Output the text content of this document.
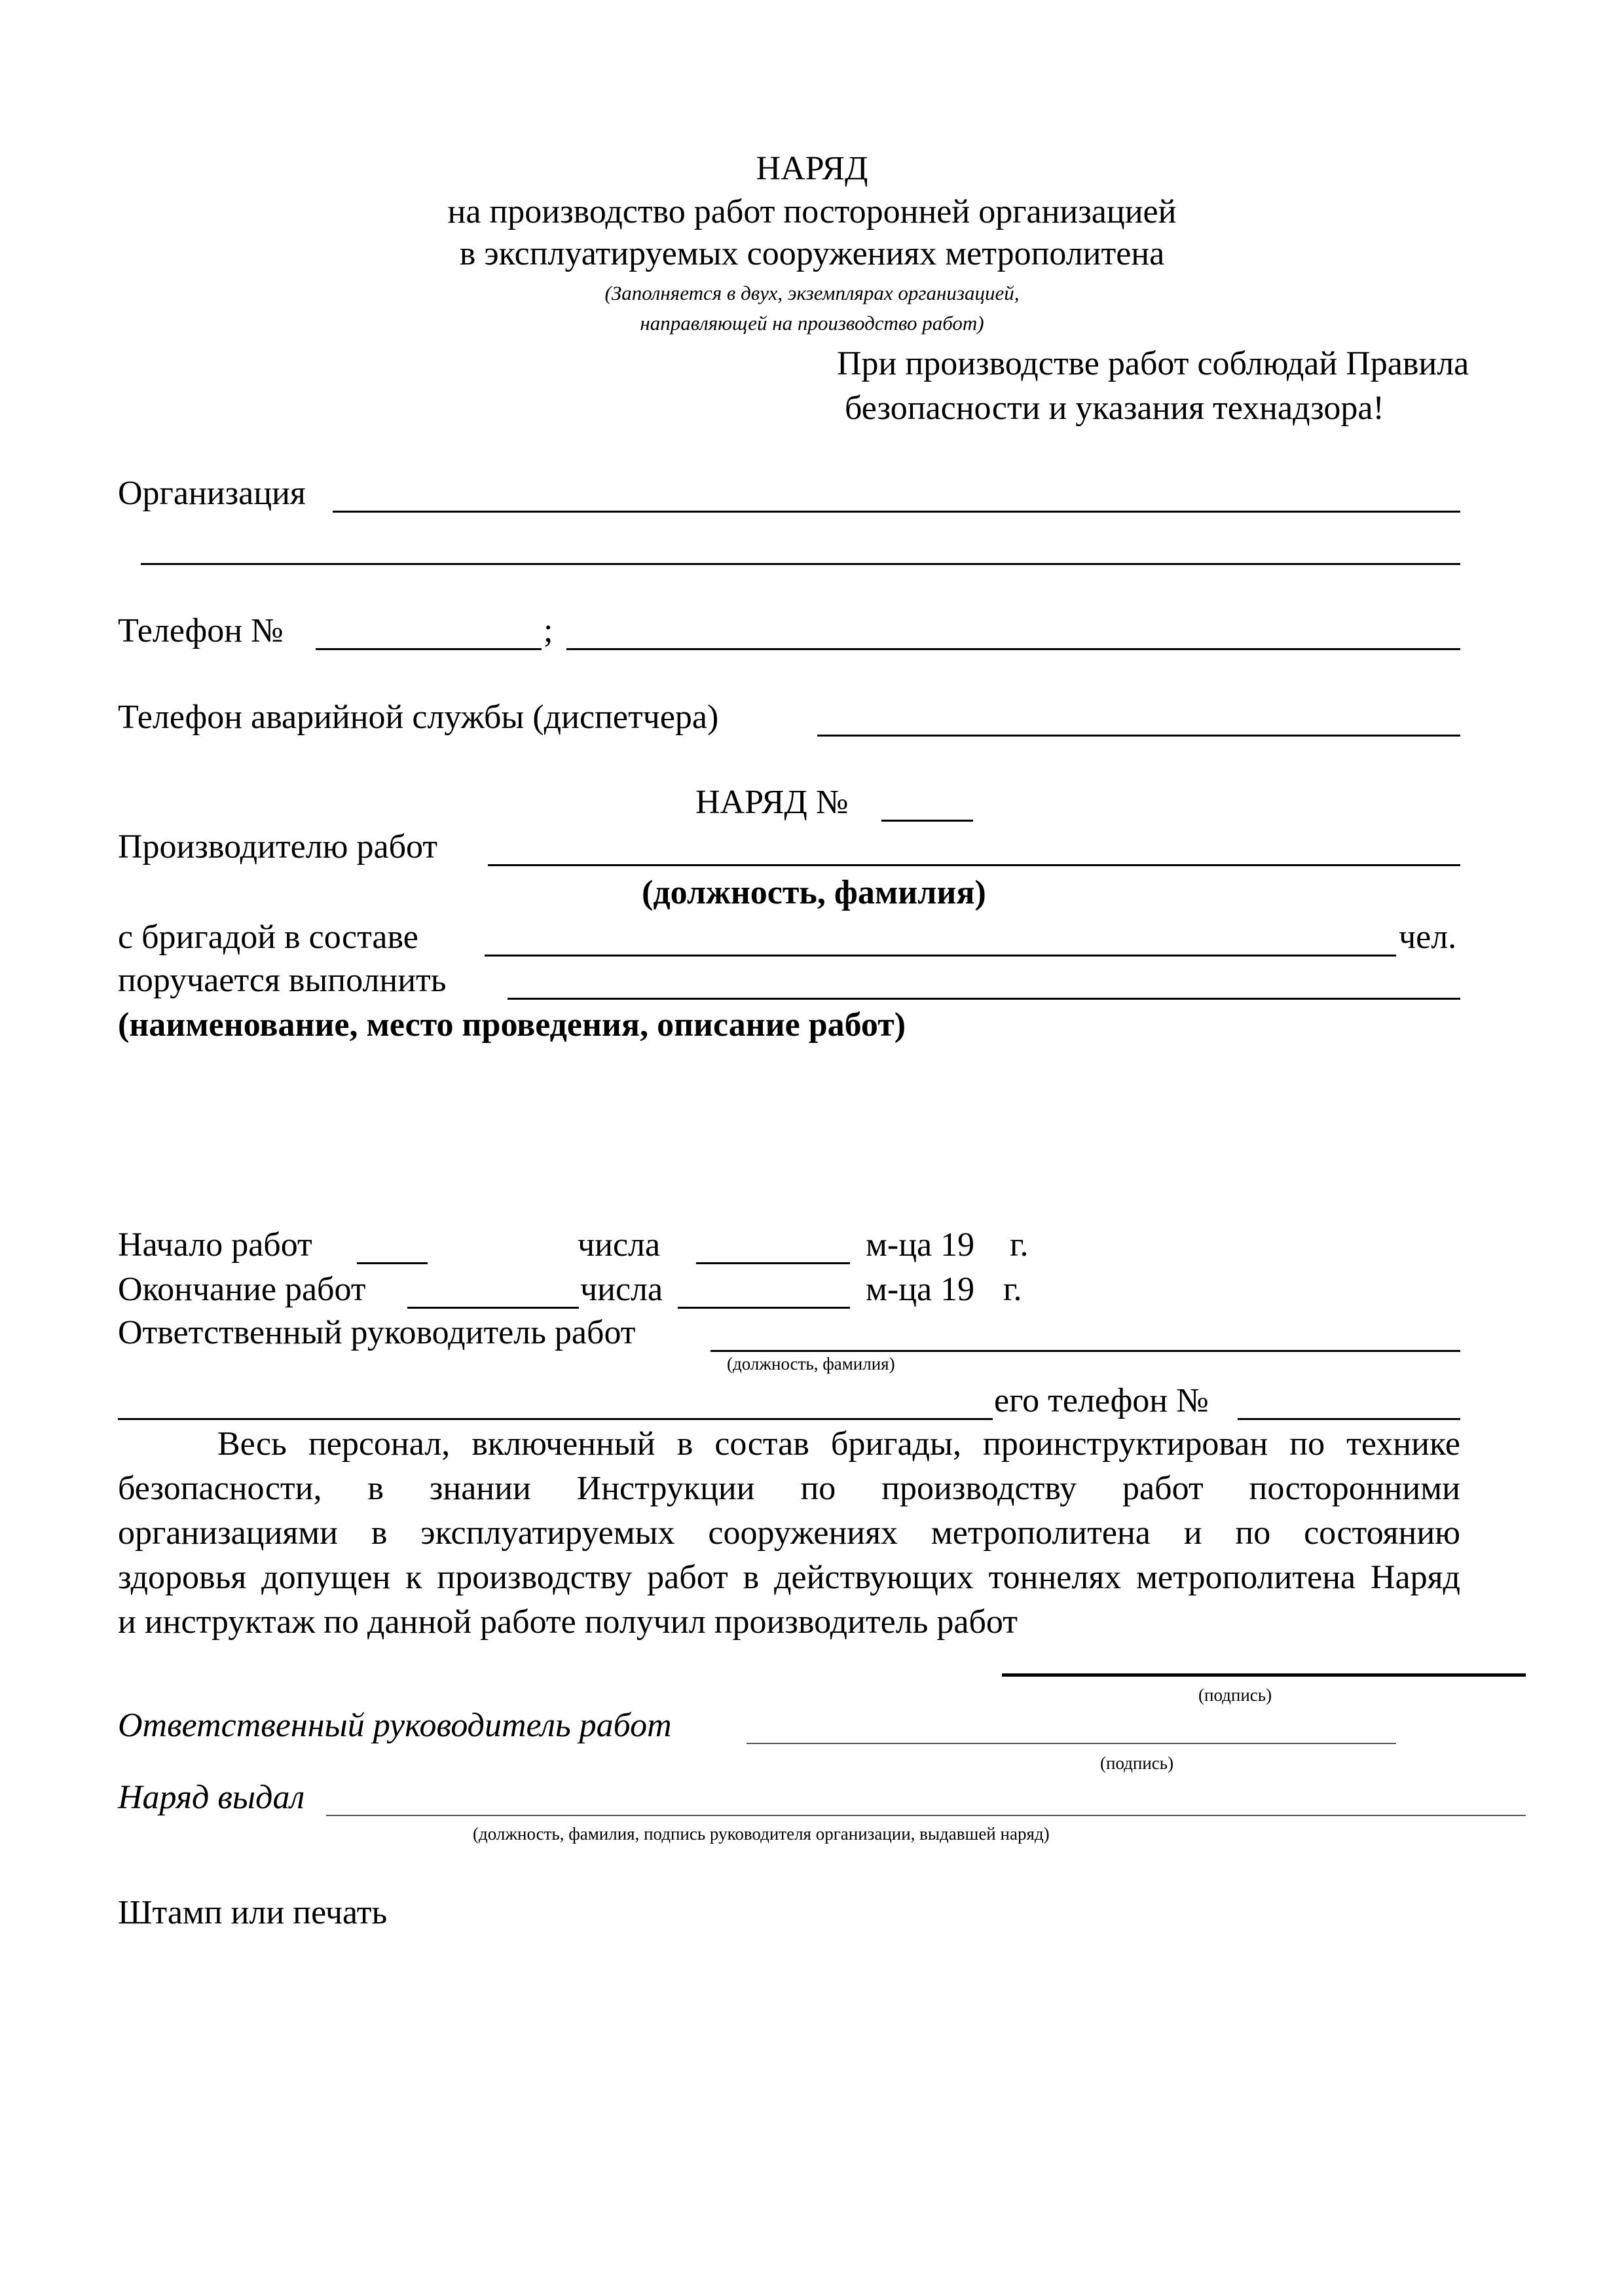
НАРЯД
на производство работ посторонней организацией
в эксплуатируемых сооружениях метрополитена
(Заполняется в двух, экземплярах организацией,
направляющей на производство работ)
При производстве работ соблюдай Правила
безопасности и указания технадзора!
Организация
Телефон №	;
Телефон аварийной службы (диспетчера)
НАРЯД №
Производителю работ
(должность, фамилия)
с бригадой в составе	чел.
поручается выполнить
(наименование, место проведения, описание работ)
Начало работ	числа	м-ца 19 г.
Окончание работ	числа	м-ца 19 г.
Ответственный руководитель работ
(должность, фамилия)
его телефон №
Весь персонал, включенный в состав бригады, проинструктирован по технике
безопасности, в знании Инструкции по производству работ посторонними
организациями в эксплуатируемых сооружениях метрополитена и по состоянию
здоровья допущен к производству работ в действующих тоннелях метрополитена Наряд
и инструктаж по данной работе получил производитель работ
(подпись)
Ответственный руководитель работ
(подпись)
Наряд выдал
(должность, фамилия, подпись руководителя организации, выдавшей наряд)
Штамп или печать
